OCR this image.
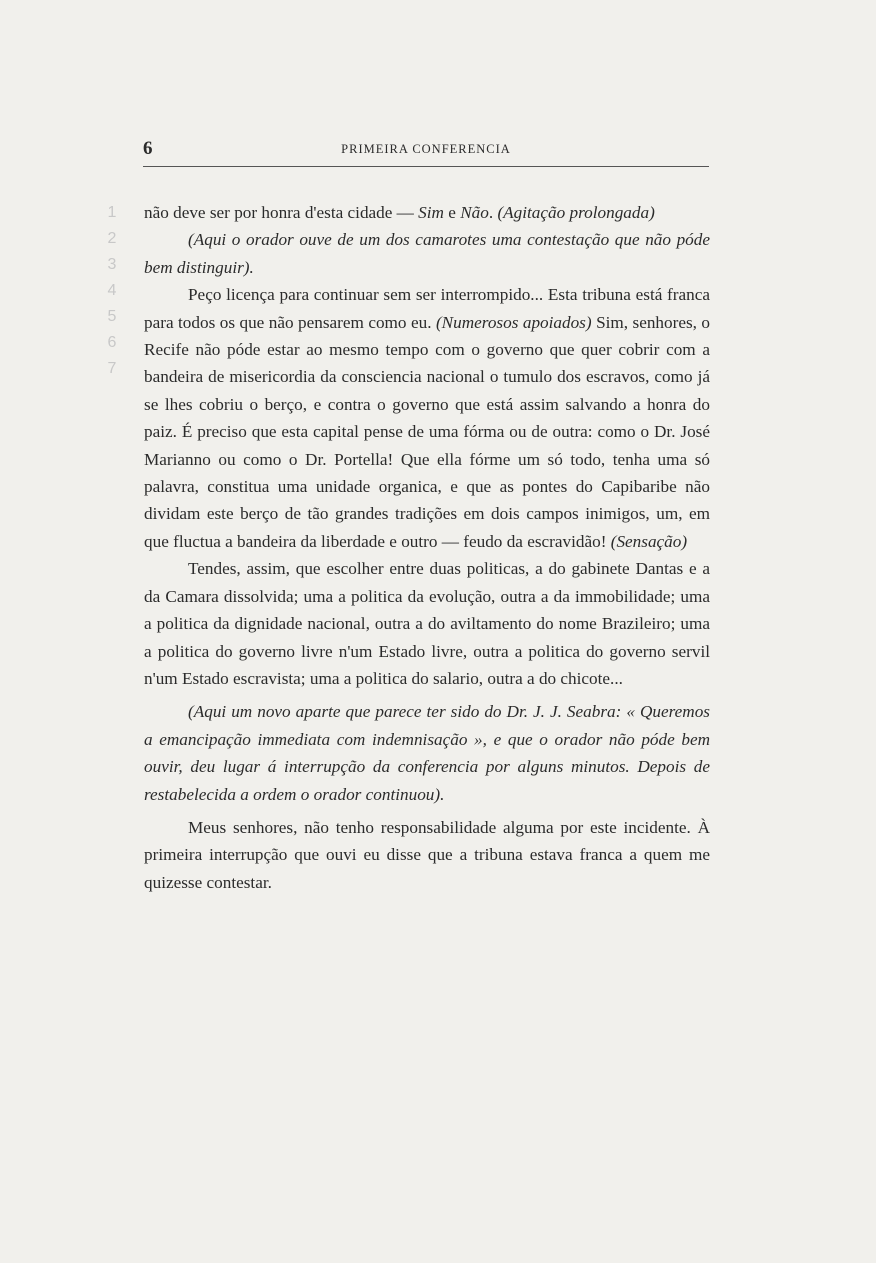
6	PRIMEIRA CONFERENCIA
1
2
3
4
5
6
7

não deve ser por honra d'esta cidade — Sim e Não. (Agitação prolongada)

(Aqui o orador ouve de um dos camarotes uma contestação que não póde bem distinguir).

Peço licença para continuar sem ser interrompido... Esta tribuna está franca para todos os que não pensarem como eu. (Numerosos apoiados) Sim, senhores, o Recife não póde estar ao mesmo tempo com o governo que quer cobrir com a bandeira de misericordia da consciencia nacional o tumulo dos escravos, como já se lhes cobriu o berço, e contra o governo que está assim salvando a honra do paiz. É preciso que esta capital pense de uma fórma ou de outra: como o Dr. José Marianno ou como o Dr. Portella! Que ella fórme um só todo, tenha uma só palavra, constitua uma unidade organica, e que as pontes do Capibaribe não dividam este berço de tão grandes tradições em dois campos inimigos, um, em que fluctua a bandeira da liberdade e outro — feudo da escravidão! (Sensação)

Tendes, assim, que escolher entre duas politicas, a do gabinete Dantas e a da Camara dissolvida; uma a politica da evolução, outra a da immobilidade; uma a politica da dignidade nacional, outra a do aviltamento do nome Brazileiro; uma a politica do governo livre n'um Estado livre, outra a politica do governo servil n'um Estado escravista; uma a politica do salario, outra a do chicote...

(Aqui um novo aparte que parece ter sido do Dr. J. J. Seabra: « Queremos a emancipação immediata com indemnisação », e que o orador não póde bem ouvir, deu lugar á interrupção da conferencia por alguns minutos. Depois de restabelecida a ordem o orador continuou).

Meus senhores, não tenho responsabilidade alguma por este incidente. À primeira interrupção que ouvi eu disse que a tribuna estava franca a quem me quizesse contestar.
